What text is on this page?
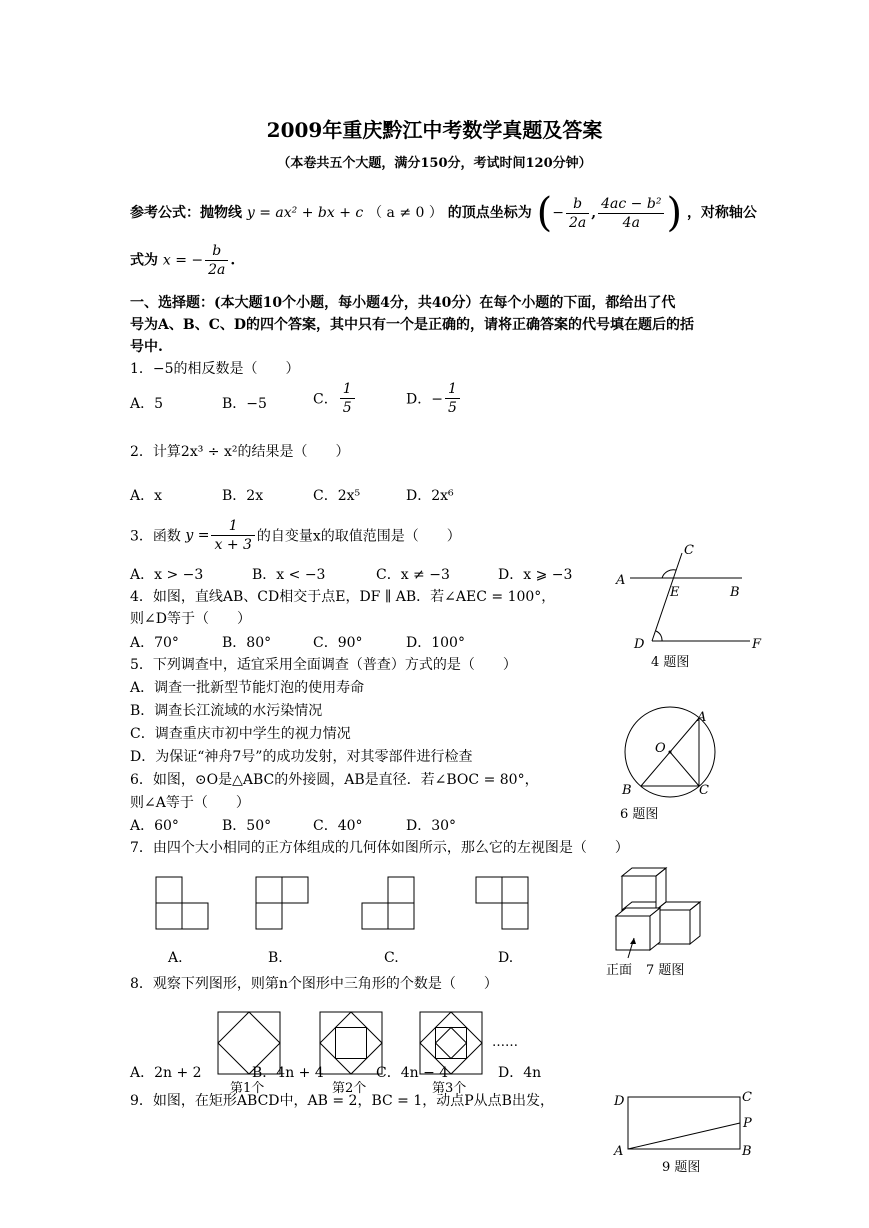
2009年重庆黔江中考数学真题及答案
（本卷共五个大题，满分150分，考试时间120分钟）
参考公式：抛物线 y = ax² + bx + c （ a ≠ 0 ） 的顶点坐标为 (− $\frac{b}{2a}$ , $\frac{\text{4ac − b²}}{4a}$ ) ，对称轴公
式为 x = − $\frac{b}{2a}$ .
一、选择题：(本大题10个小题，每小题4分，共40分）在每个小题的下面，都给出了代
号为A、B、C、D的四个答案，其中只有一个是正确的，请将正确答案的代号填在题后的括
号中.
1．−5的相反数是（　　）
A．5	B．−5	C． $\frac{1}{5}$	D．− $\frac{1}{5}$
2．计算2x³ ÷ x²的结果是（　　）
A．x	B．2x	C．2x⁵	D．2x⁶
3．函数 $y = \frac{1}{x + 3}$ 的自变量x的取值范围是（　　）
A．x > −3	B．x < −3	C．x ≠ −3	D．x ⩾ −3
4．如图，直线AB、CD相交于点E，DF ∥ AB．若∠AEC = 100°，
则∠D等于（　　）
A．70°	B．80°	C．90°	D．100°
C
A
E	B
D	F
4 题图
5．下列调查中，适宜采用全面调查（普查）方式的是（　　）
A．调查一批新型节能灯泡的使用寿命
B．调查长江流域的水污染情况
C．调查重庆市初中学生的视力情况
D．为保证“神舟7号”的成功发射，对其零部件进行检查
6．如图，⊙O是△ABC的外接圆，AB是直径．若∠BOC = 80°，
则∠A等于（　　）
A．60°	B．50°	C．40°	D．30°
A
O
B	C
6 题图
7．由四个大小相同的正方体组成的几何体如图所示，那么它的左视图是（　　）
A.	B.	C.	D.
正面 7 题图
8．观察下列图形，则第n个图形中三角形的个数是（　　）
……
第1个	第2个	第3个
A．2n + 2	B．4n + 4	C．4n − 4	D．4n
9．如图，在矩形ABCD中，AB = 2，BC = 1，动点P从点B出发，	D	C
P
A	B
9 题图
